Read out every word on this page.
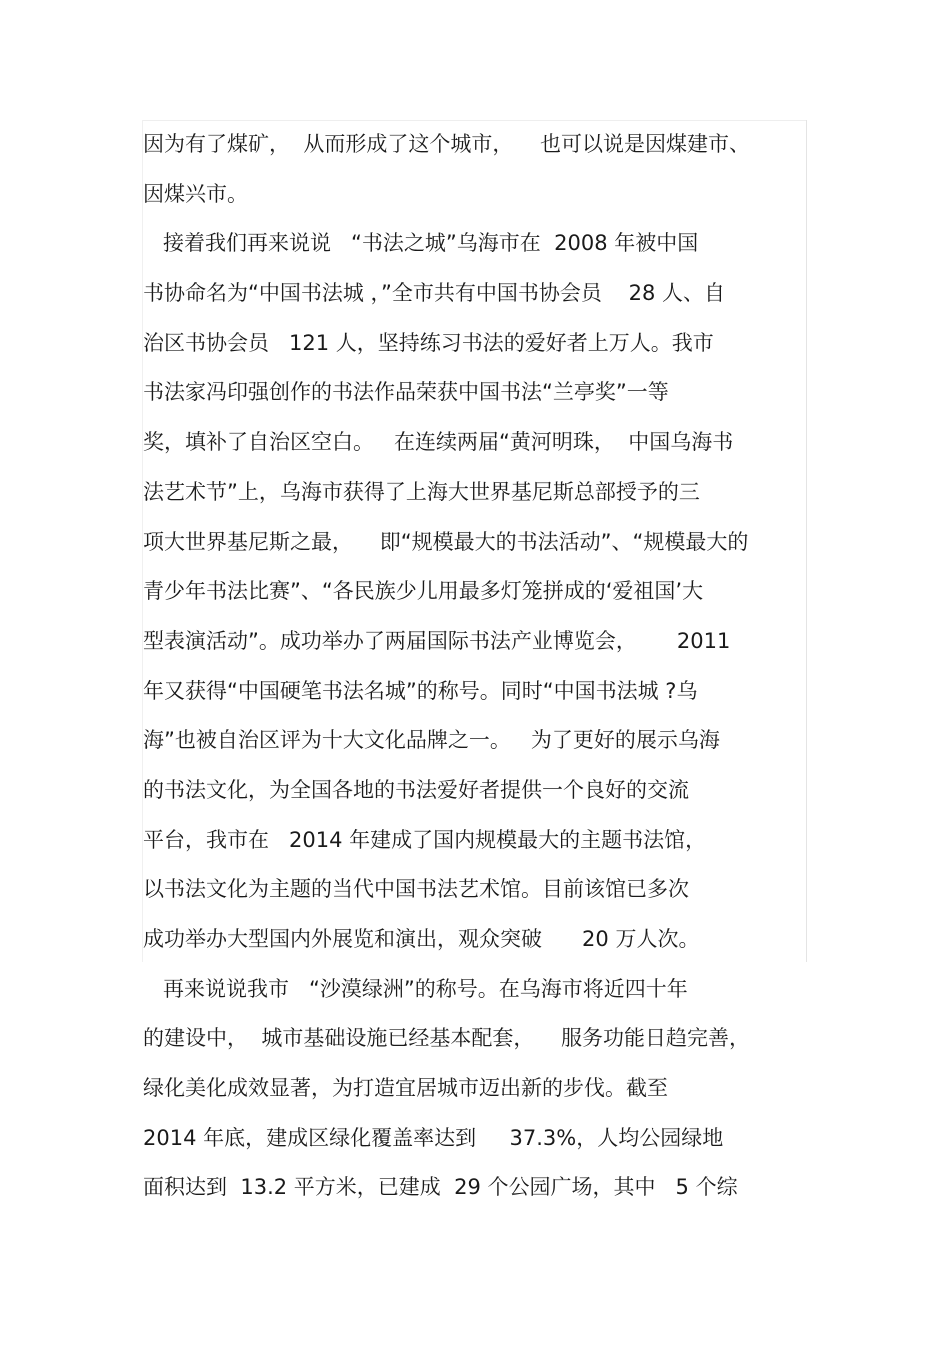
因为有了煤矿，  从而形成了这个城市，    也可以说是因煤建市、
因煤兴市。
接着我们再来说说   “书法之城”乌海市在  2008 年被中国
书协命名为“中国书法城 ，”全市共有中国书协会员    28 人、自
治区书协会员   121 人，坚持练习书法的爱好者上万人。我市
书法家冯印强创作的书法作品荣获中国书法“兰亭奖”一等
奖，填补了自治区空白。   在连续两届“黄河明珠，  中国乌海书
法艺术节”上，乌海市获得了上海大世界基尼斯总部授予的三
项大世界基尼斯之最，    即“规模最大的书法活动”、“规模最大的
青少年书法比赛”、“各民族少儿用最多灯笼拼成的‘爱祖国’大
型表演活动”。成功举办了两届国际书法产业博览会，      2011
年又获得“中国硬笔书法名城”的称号。同时“中国书法城 ?乌
海”也被自治区评为十大文化品牌之一。   为了更好的展示乌海
的书法文化，为全国各地的书法爱好者提供一个良好的交流
平台，我市在   2014 年建成了国内规模最大的主题书法馆，
以书法文化为主题的当代中国书法艺术馆。目前该馆已多次
成功举办大型国内外展览和演出，观众突破      20 万人次。
再来说说我市   “沙漠绿洲”的称号。在乌海市将近四十年
的建设中，  城市基础设施已经基本配套，    服务功能日趋完善，
绿化美化成效显著，为打造宜居城市迈出新的步伐。截至
2014 年底，建成区绿化覆盖率达到     37.3%，人均公园绿地
面积达到  13.2 平方米，已建成  29 个公园广场，其中   5 个综
